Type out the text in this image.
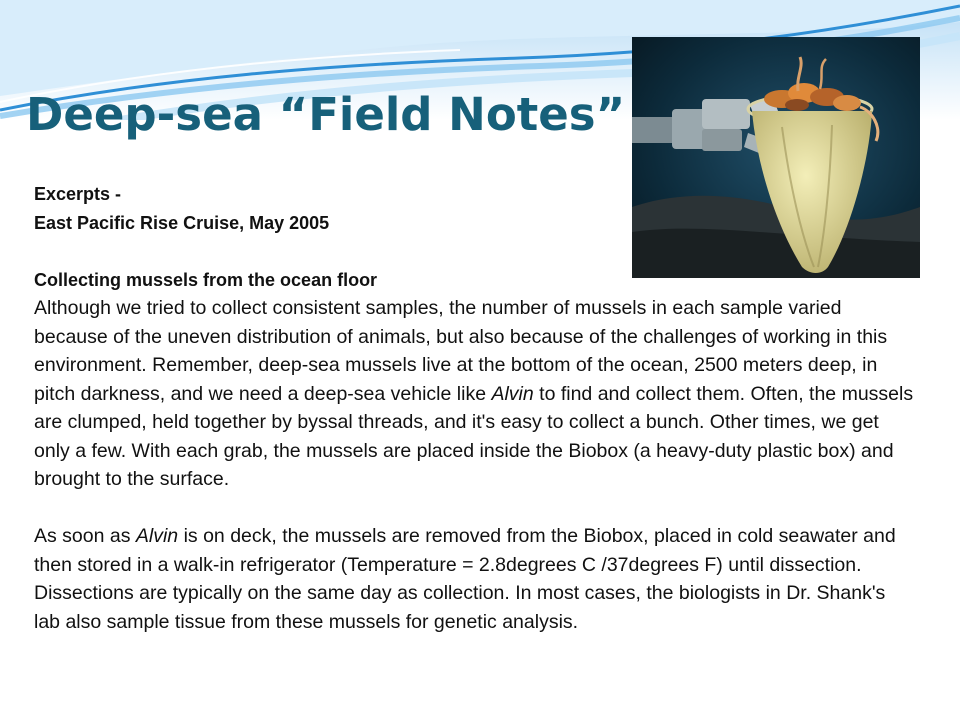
Deep-sea “Field Notes”

Excerpts -

East Pacific Rise Cruise, May 2005

Collecting mussels from the ocean floor

Although we tried to collect consistent samples, the number of mussels in each sample varied because of the uneven distribution of animals, but also because of the challenges of working in this environment. Remember, deep-sea mussels live at the bottom of the ocean, 2500 meters deep, in pitch darkness, and we need a deep-sea vehicle like Alvin to find and collect them. Often, the mussels are clumped, held together by byssal threads, and it's easy to collect a bunch. Other times, we get only a few. With each grab, the mussels are placed inside the Biobox (a heavy-duty plastic box) and brought to the surface.

As soon as Alvin is on deck, the mussels are removed from the Biobox, placed in cold seawater and then stored in a walk-in refrigerator (Temperature = 2.8degrees C /37degrees F) until dissection. Dissections are typically on the same day as collection. In most cases, the biologists in Dr. Shank's lab also sample tissue from these mussels for genetic analysis.
